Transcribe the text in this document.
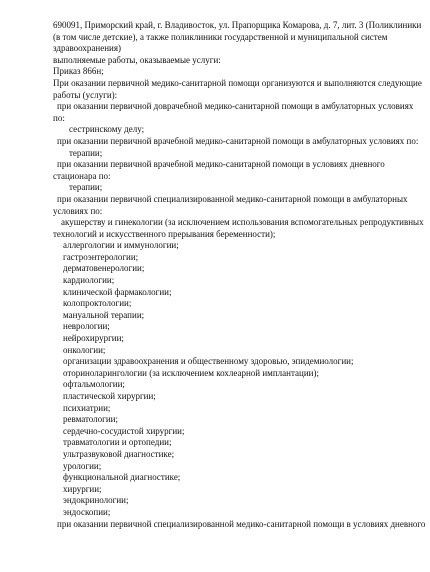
690091, Приморский край, г. Владивосток, ул. Прапорщика Комарова, д. 7, лит. 3 (Поликлиники

(в том числе детские), а также поликлиники государственной и муниципальной систем

здравоохранения)

выполняемые работы, оказываемые услуги:

Приказ 866н;

При оказании первичной медико-санитарной помощи организуются и выполняются следующие

работы (услуги):

при оказании первичной доврачебной медико-санитарной помощи в амбулаторных условиях

по:

сестринскому делу;

при оказании первичной врачебной медико-санитарной помощи в амбулаторных условиях по:

терапии;

при оказании первичной врачебной медико-санитарной помощи в условиях дневного

стационара по:

терапии;

при оказании первичной специализированной медико-санитарной помощи в амбулаторных

условиях по:

акушерству и гинекологии (за исключением использования вспомогательных репродуктивных

технологий и искусственного прерывания беременности);

аллергологии и иммунологии;

гастроэнтерологии;

дерматовенерологии;

кардиологии;

клинической фармакологии;

колопроктологии;

мануальной терапии;

неврологии;

нейрохирургии;

онкологии;

организации здравоохранения и общественному здоровью, эпидемиологии;

оториноларингологии (за исключением кохлеарной имплантации);

офтальмологии;

пластической хирургии;

психиатрии;

ревматологии;

сердечно-сосудистой хирургии;

травматологии и ортопедии;

ультразвуковой диагностике;

урологии;

функциональной диагностике;

хирургии;

эндокринологии;

эндоскопии;

при оказании первичной специализированной медико-санитарной помощи в условиях дневного
